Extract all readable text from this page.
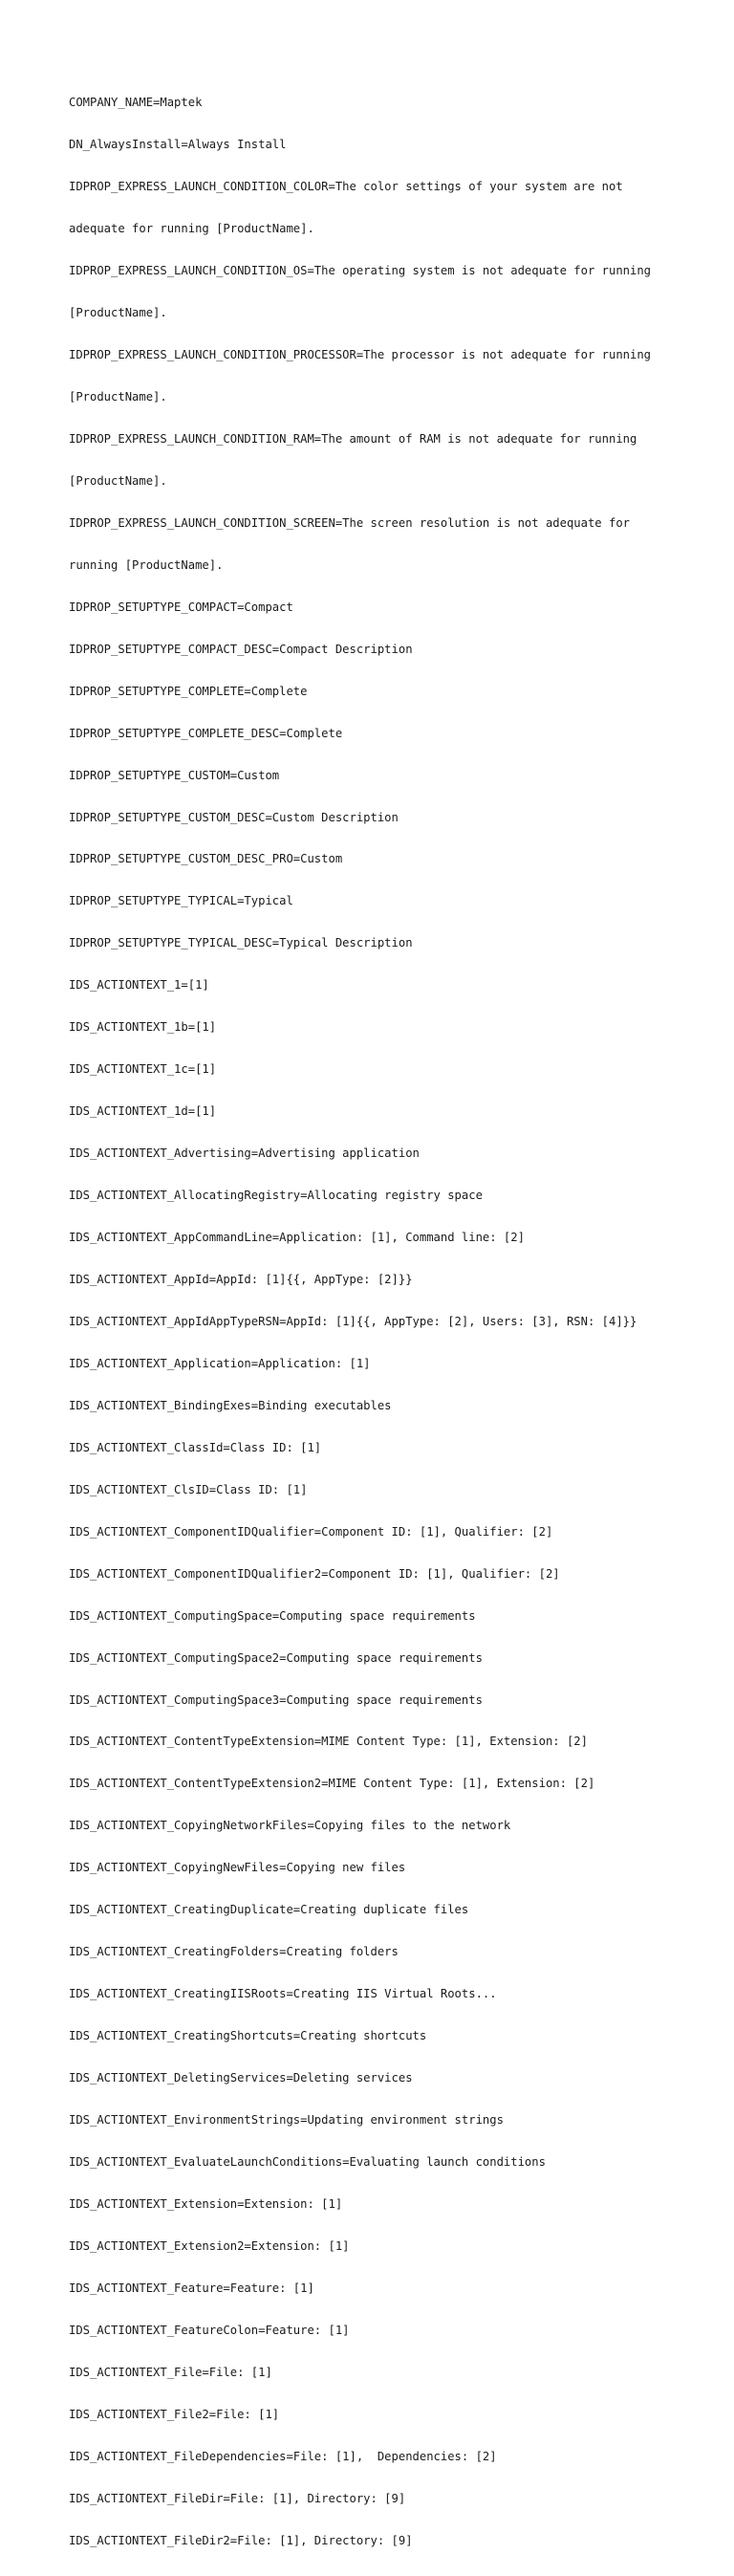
COMPANY_NAME=Maptek

DN_AlwaysInstall=Always Install

IDPROP_EXPRESS_LAUNCH_CONDITION_COLOR=The color settings of your system are not

adequate for running [ProductName].

IDPROP_EXPRESS_LAUNCH_CONDITION_OS=The operating system is not adequate for running

[ProductName].

IDPROP_EXPRESS_LAUNCH_CONDITION_PROCESSOR=The processor is not adequate for running

[ProductName].

IDPROP_EXPRESS_LAUNCH_CONDITION_RAM=The amount of RAM is not adequate for running

[ProductName].

IDPROP_EXPRESS_LAUNCH_CONDITION_SCREEN=The screen resolution is not adequate for

running [ProductName].

IDPROP_SETUPTYPE_COMPACT=Compact

IDPROP_SETUPTYPE_COMPACT_DESC=Compact Description

IDPROP_SETUPTYPE_COMPLETE=Complete

IDPROP_SETUPTYPE_COMPLETE_DESC=Complete

IDPROP_SETUPTYPE_CUSTOM=Custom

IDPROP_SETUPTYPE_CUSTOM_DESC=Custom Description

IDPROP_SETUPTYPE_CUSTOM_DESC_PRO=Custom

IDPROP_SETUPTYPE_TYPICAL=Typical

IDPROP_SETUPTYPE_TYPICAL_DESC=Typical Description

IDS_ACTIONTEXT_1=[1]

IDS_ACTIONTEXT_1b=[1]

IDS_ACTIONTEXT_1c=[1]

IDS_ACTIONTEXT_1d=[1]

IDS_ACTIONTEXT_Advertising=Advertising application

IDS_ACTIONTEXT_AllocatingRegistry=Allocating registry space

IDS_ACTIONTEXT_AppCommandLine=Application: [1], Command line: [2]

IDS_ACTIONTEXT_AppId=AppId: [1]{{, AppType: [2]}}

IDS_ACTIONTEXT_AppIdAppTypeRSN=AppId: [1]{{, AppType: [2], Users: [3], RSN: [4]}}

IDS_ACTIONTEXT_Application=Application: [1]

IDS_ACTIONTEXT_BindingExes=Binding executables

IDS_ACTIONTEXT_ClassId=Class ID: [1]

IDS_ACTIONTEXT_ClsID=Class ID: [1]

IDS_ACTIONTEXT_ComponentIDQualifier=Component ID: [1], Qualifier: [2]

IDS_ACTIONTEXT_ComponentIDQualifier2=Component ID: [1], Qualifier: [2]

IDS_ACTIONTEXT_ComputingSpace=Computing space requirements

IDS_ACTIONTEXT_ComputingSpace2=Computing space requirements

IDS_ACTIONTEXT_ComputingSpace3=Computing space requirements

IDS_ACTIONTEXT_ContentTypeExtension=MIME Content Type: [1], Extension: [2]

IDS_ACTIONTEXT_ContentTypeExtension2=MIME Content Type: [1], Extension: [2]

IDS_ACTIONTEXT_CopyingNetworkFiles=Copying files to the network

IDS_ACTIONTEXT_CopyingNewFiles=Copying new files

IDS_ACTIONTEXT_CreatingDuplicate=Creating duplicate files

IDS_ACTIONTEXT_CreatingFolders=Creating folders

IDS_ACTIONTEXT_CreatingIISRoots=Creating IIS Virtual Roots...

IDS_ACTIONTEXT_CreatingShortcuts=Creating shortcuts

IDS_ACTIONTEXT_DeletingServices=Deleting services

IDS_ACTIONTEXT_EnvironmentStrings=Updating environment strings

IDS_ACTIONTEXT_EvaluateLaunchConditions=Evaluating launch conditions

IDS_ACTIONTEXT_Extension=Extension: [1]

IDS_ACTIONTEXT_Extension2=Extension: [1]

IDS_ACTIONTEXT_Feature=Feature: [1]

IDS_ACTIONTEXT_FeatureColon=Feature: [1]

IDS_ACTIONTEXT_File=File: [1]

IDS_ACTIONTEXT_File2=File: [1]

IDS_ACTIONTEXT_FileDependencies=File: [1],  Dependencies: [2]

IDS_ACTIONTEXT_FileDir=File: [1], Directory: [9]

IDS_ACTIONTEXT_FileDir2=File: [1], Directory: [9]
